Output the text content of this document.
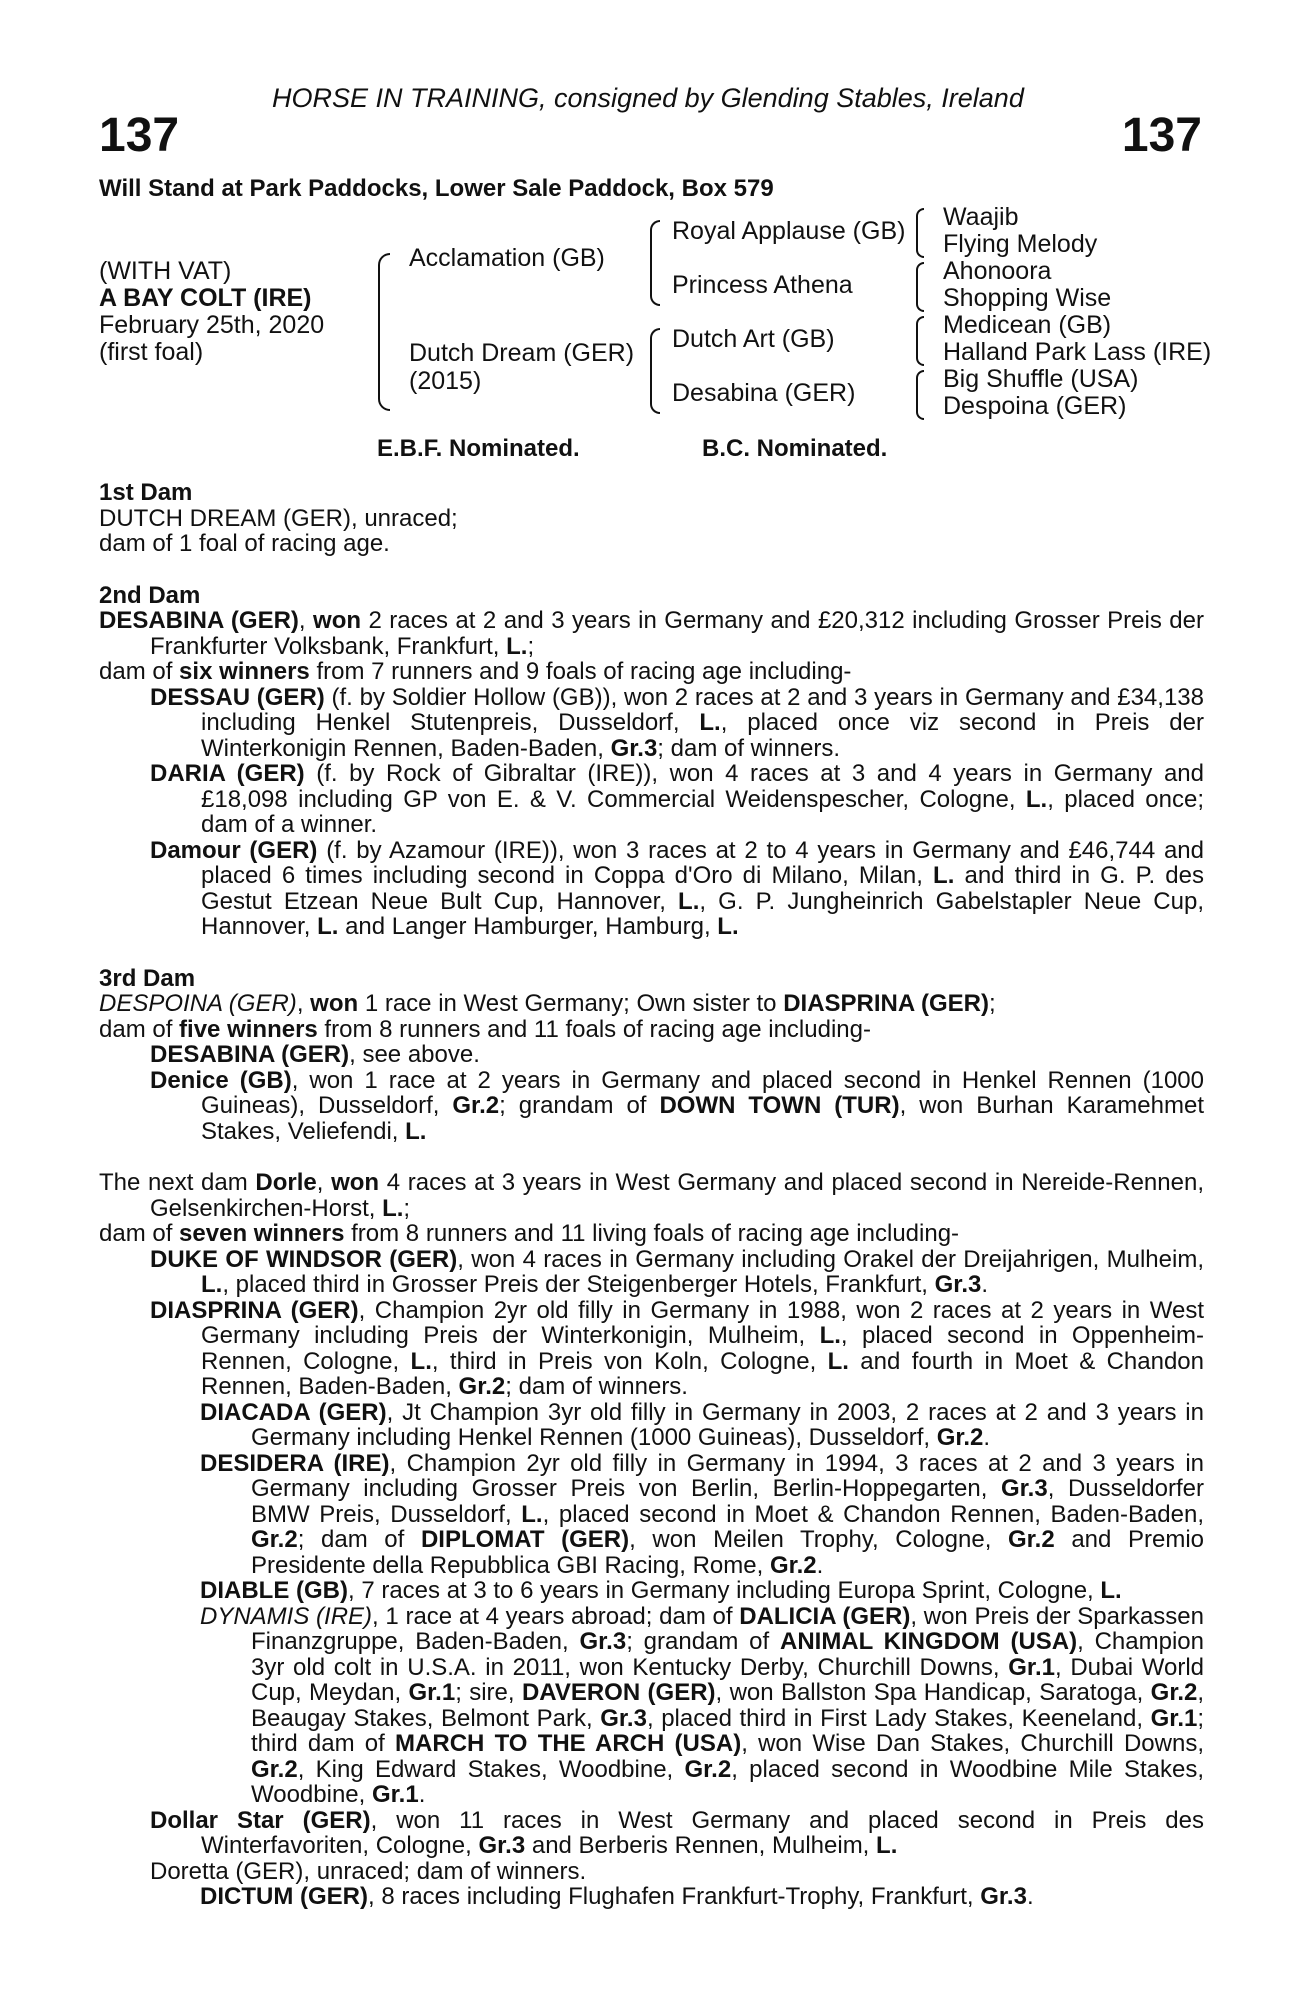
HORSE IN TRAINING, consigned by Glending Stables, Ireland
137	137
Will Stand at Park Paddocks, Lower Sale Paddock, Box 579
(WITH VAT)
A BAY COLT (IRE)
February 25th, 2020
(first foal)
Acclamation (GB)
Dutch Dream (GER)
(2015)
Royal Applause (GB)
Princess Athena
Dutch Art (GB)
Desabina (GER)
Waajib
Flying Melody
Ahonoora
Shopping Wise
Medicean (GB)
Halland Park Lass (IRE)
Big Shuffle (USA)
Despoina (GER)
E.B.F. Nominated.	B.C. Nominated.
1st Dam

DUTCH DREAM (GER), unraced;

dam of 1 foal of racing age.

2nd Dam

DESABINA (GER), won 2 races at 2 and 3 years in Germany and £20,312 including Grosser Preis der Frankfurter Volksbank, Frankfurt, L.;

dam of six winners from 7 runners and 9 foals of racing age including-

DESSAU (GER) (f. by Soldier Hollow (GB)), won 2 races at 2 and 3 years in Germany and £34,138 including Henkel Stutenpreis, Dusseldorf, L., placed once viz second in Preis der Winterkonigin Rennen, Baden-Baden, Gr.3; dam of winners.

DARIA (GER) (f. by Rock of Gibraltar (IRE)), won 4 races at 3 and 4 years in Germany and £18,098 including GP von E. & V. Commercial Weidenspescher, Cologne, L., placed once; dam of a winner.

Damour (GER) (f. by Azamour (IRE)), won 3 races at 2 to 4 years in Germany and £46,744 and placed 6 times including second in Coppa d'Oro di Milano, Milan, L. and third in G. P. des Gestut Etzean Neue Bult Cup, Hannover, L., G. P. Jungheinrich Gabelstapler Neue Cup, Hannover, L. and Langer Hamburger, Hamburg, L.

3rd Dam

DESPOINA (GER), won 1 race in West Germany; Own sister to DIASPRINA (GER);

dam of five winners from 8 runners and 11 foals of racing age including-

DESABINA (GER), see above.

Denice (GB), won 1 race at 2 years in Germany and placed second in Henkel Rennen (1000 Guineas), Dusseldorf, Gr.2; grandam of DOWN TOWN (TUR), won Burhan Karamehmet Stakes, Veliefendi, L.

The next dam Dorle, won 4 races at 3 years in West Germany and placed second in Nereide-Rennen, Gelsenkirchen-Horst, L.;

dam of seven winners from 8 runners and 11 living foals of racing age including-

DUKE OF WINDSOR (GER), won 4 races in Germany including Orakel der Dreijahrigen, Mulheim, L., placed third in Grosser Preis der Steigenberger Hotels, Frankfurt, Gr.3.

DIASPRINA (GER), Champion 2yr old filly in Germany in 1988, won 2 races at 2 years in West Germany including Preis der Winterkonigin, Mulheim, L., placed second in Oppenheim-Rennen, Cologne, L., third in Preis von Koln, Cologne, L. and fourth in Moet & Chandon Rennen, Baden-Baden, Gr.2; dam of winners.

DIACADA (GER), Jt Champion 3yr old filly in Germany in 2003, 2 races at 2 and 3 years in Germany including Henkel Rennen (1000 Guineas), Dusseldorf, Gr.2.

DESIDERA (IRE), Champion 2yr old filly in Germany in 1994, 3 races at 2 and 3 years in Germany including Grosser Preis von Berlin, Berlin-Hoppegarten, Gr.3, Dusseldorfer BMW Preis, Dusseldorf, L., placed second in Moet & Chandon Rennen, Baden-Baden, Gr.2; dam of DIPLOMAT (GER), won Meilen Trophy, Cologne, Gr.2 and Premio Presidente della Repubblica GBI Racing, Rome, Gr.2.

DIABLE (GB), 7 races at 3 to 6 years in Germany including Europa Sprint, Cologne, L.

DYNAMIS (IRE), 1 race at 4 years abroad; dam of DALICIA (GER), won Preis der Sparkassen Finanzgruppe, Baden-Baden, Gr.3; grandam of ANIMAL KINGDOM (USA), Champion 3yr old colt in U.S.A. in 2011, won Kentucky Derby, Churchill Downs, Gr.1, Dubai World Cup, Meydan, Gr.1; sire, DAVERON (GER), won Ballston Spa Handicap, Saratoga, Gr.2, Beaugay Stakes, Belmont Park, Gr.3, placed third in First Lady Stakes, Keeneland, Gr.1; third dam of MARCH TO THE ARCH (USA), won Wise Dan Stakes, Churchill Downs, Gr.2, King Edward Stakes, Woodbine, Gr.2, placed second in Woodbine Mile Stakes, Woodbine, Gr.1.

Dollar Star (GER), won 11 races in West Germany and placed second in Preis des Winterfavoriten, Cologne, Gr.3 and Berberis Rennen, Mulheim, L.

Doretta (GER), unraced; dam of winners.

DICTUM (GER), 8 races including Flughafen Frankfurt-Trophy, Frankfurt, Gr.3.
